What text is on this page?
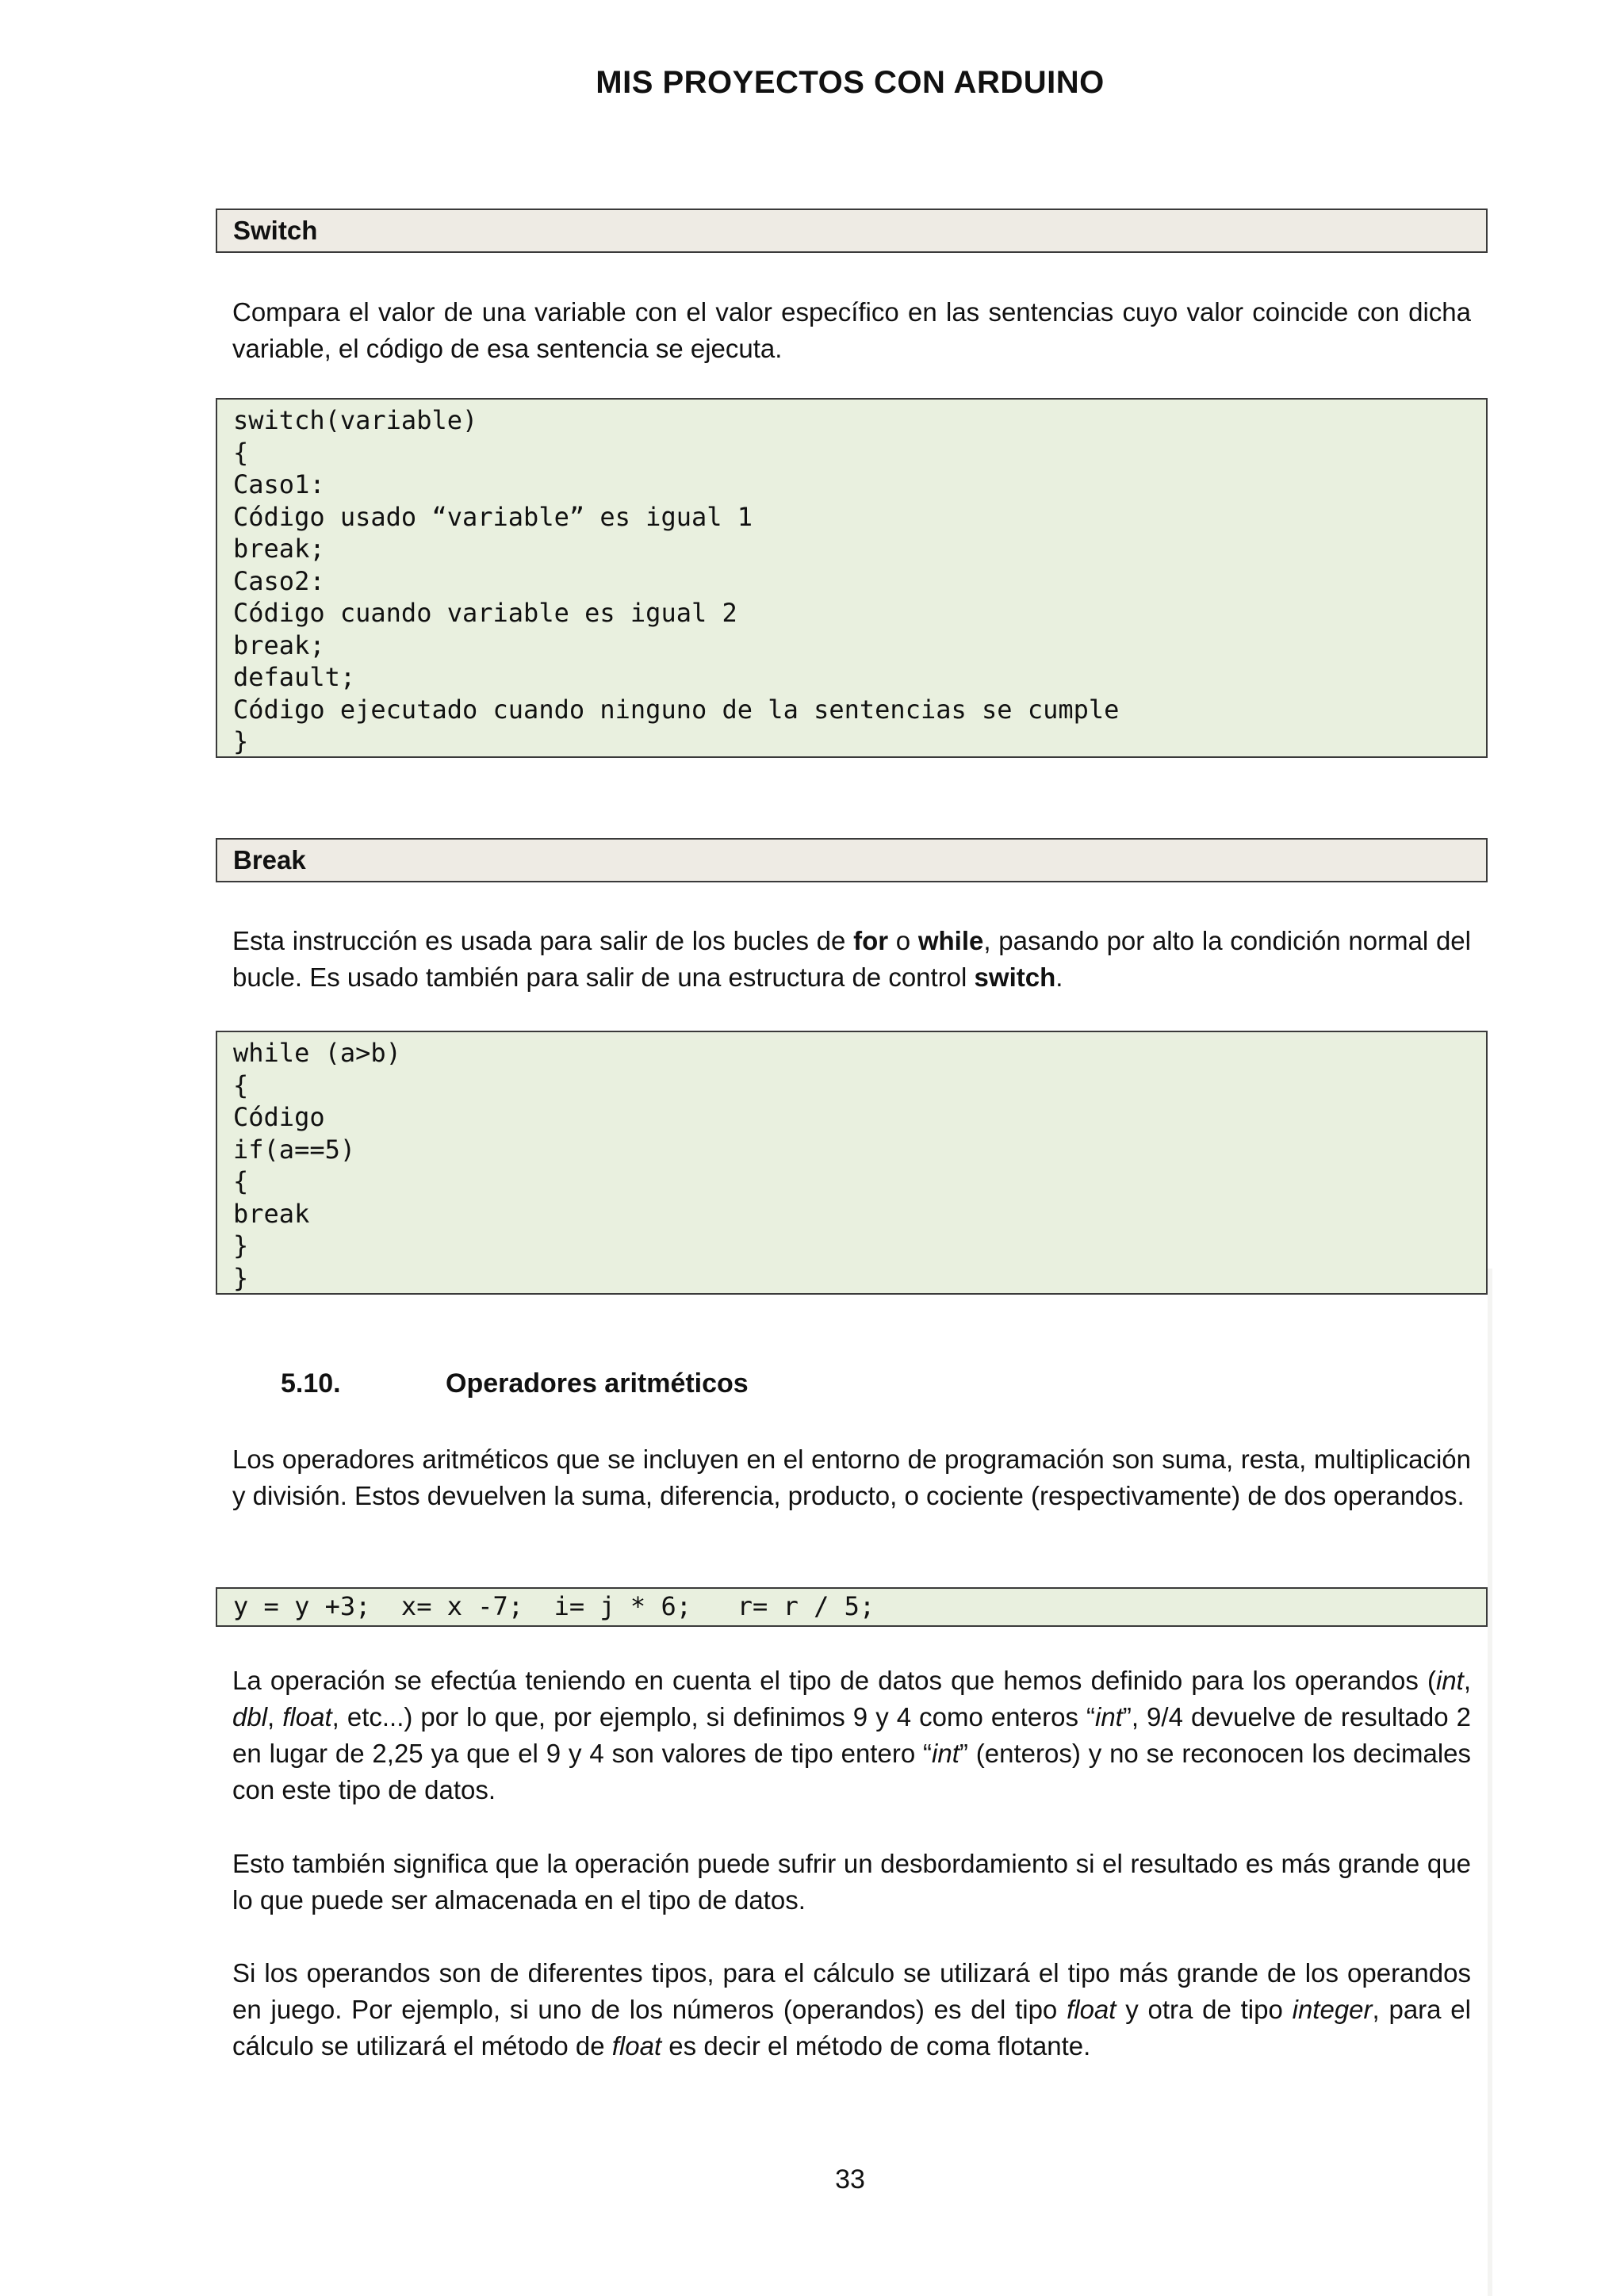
MIS PROYECTOS CON ARDUINO
Switch

Compara el valor de una variable con el valor específico en las sentencias cuyo valor coincide con dicha variable, el código de esa sentencia se ejecuta.

switch(variable)
{
Caso1:
Código usado “variable” es igual 1
break;
Caso2:
Código cuando variable es igual 2
break;
default;
Código ejecutado cuando ninguno de la sentencias se cumple
}
Break

Esta instrucción es usada para salir de los bucles de for o while, pasando por alto la condición normal del bucle. Es usado también para salir de una estructura de control switch.

while (a>b)
{
Código
if(a==5)
{
break
}
}
5.10.	Operadores aritméticos

Los operadores aritméticos que se incluyen en el entorno de programación son suma, resta, multiplicación y división. Estos devuelven la suma, diferencia, producto, o cociente (respectivamente) de dos operandos.

y = y +3;  x= x -7;  i= j * 6;   r= r / 5;

La operación se efectúa teniendo en cuenta el tipo de datos que hemos definido para los operandos (int, dbl, float, etc...) por lo que, por ejemplo, si definimos 9 y 4 como enteros “int”, 9/4 devuelve de resultado 2 en lugar de 2,25 ya que el 9 y 4 son valores de tipo entero “int” (enteros) y no se reconocen los decimales con este tipo de datos.

Esto también significa que la operación puede sufrir un desbordamiento si el resultado es más grande que lo que puede ser almacenada en el tipo de datos.

Si los operandos son de diferentes tipos, para el cálculo se utilizará el tipo más grande de los operandos en juego. Por ejemplo, si uno de los números (operandos) es del tipo float y otra de tipo integer, para el cálculo se utilizará el método de float es decir el método de coma flotante.

33
